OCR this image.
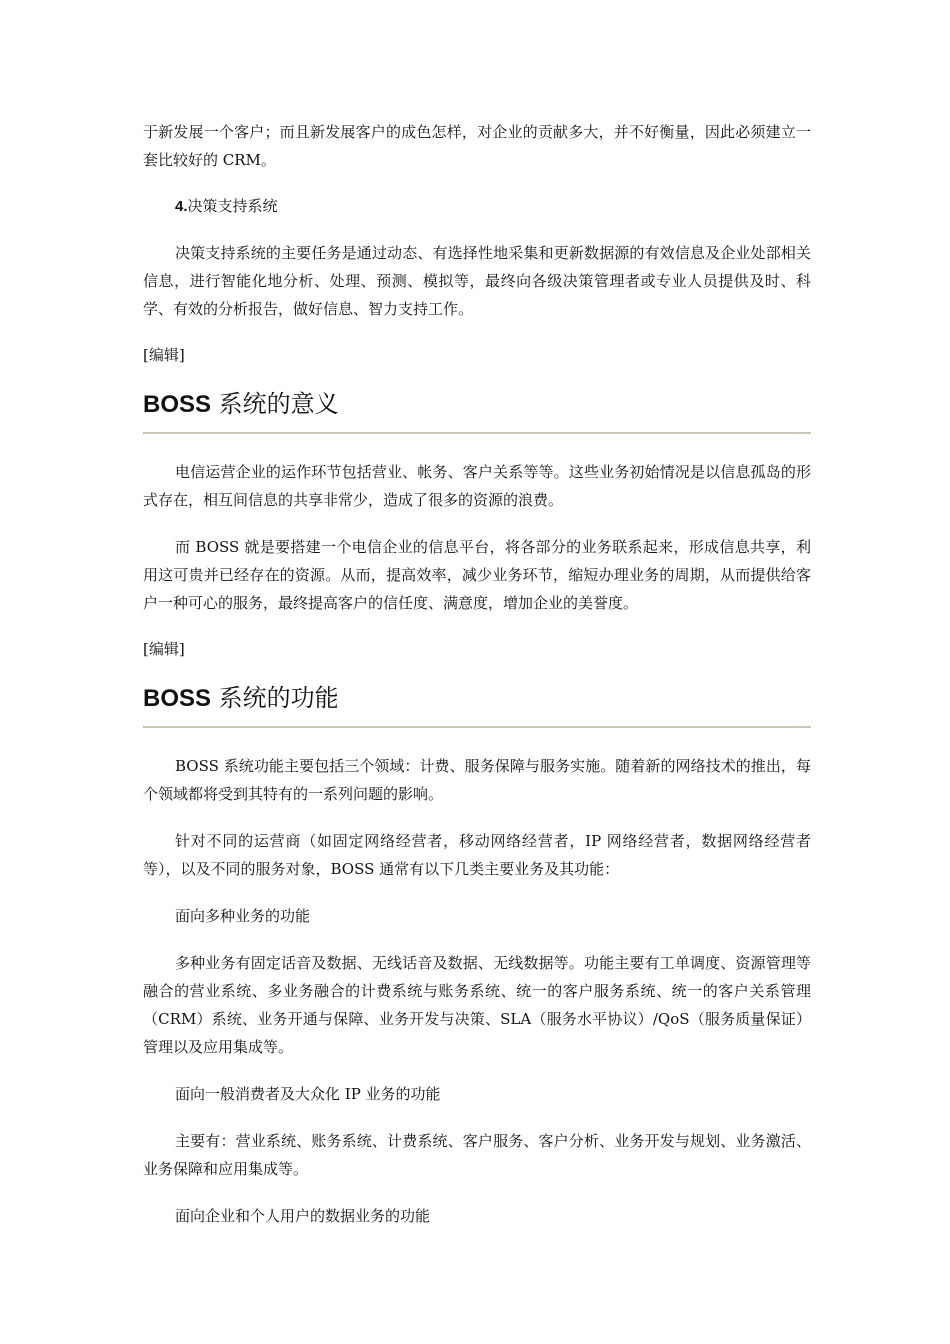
于新发展一个客户；而且新发展客户的成色怎样，对企业的贡献多大，并不好衡量，因此必须建立一套比较好的 CRM。

4.决策支持系统

决策支持系统的主要任务是通过动态、有选择性地采集和更新数据源的有效信息及企业处部相关信息，进行智能化地分析、处理、预测、模拟等，最终向各级决策管理者或专业人员提供及时、科学、有效的分析报告，做好信息、智力支持工作。

[编辑]

BOSS 系统的意义

电信运营企业的运作环节包括营业、帐务、客户关系等等。这些业务初始情况是以信息孤岛的形式存在，相互间信息的共享非常少，造成了很多的资源的浪费。

而 BOSS 就是要搭建一个电信企业的信息平台，将各部分的业务联系起来，形成信息共享，利用这可贵并已经存在的资源。从而，提高效率，减少业务环节，缩短办理业务的周期，从而提供给客户一种可心的服务，最终提高客户的信任度、满意度，增加企业的美誉度。

[编辑]

BOSS 系统的功能

BOSS 系统功能主要包括三个领域：计费、服务保障与服务实施。随着新的网络技术的推出，每个领域都将受到其特有的一系列问题的影响。

针对不同的运营商（如固定网络经营者，移动网络经营者，IP 网络经营者，数据网络经营者等），以及不同的服务对象，BOSS 通常有以下几类主要业务及其功能：

面向多种业务的功能

多种业务有固定话音及数据、无线话音及数据、无线数据等。功能主要有工单调度、资源管理等融合的营业系统、多业务融合的计费系统与账务系统、统一的客户服务系统、统一的客户关系管理（CRM）系统、业务开通与保障、业务开发与决策、SLA（服务水平协议）/QoS（服务质量保证）管理以及应用集成等。

面向一般消费者及大众化 IP 业务的功能

主要有：营业系统、账务系统、计费系统、客户服务、客户分析、业务开发与规划、业务激活、业务保障和应用集成等。

面向企业和个人用户的数据业务的功能
